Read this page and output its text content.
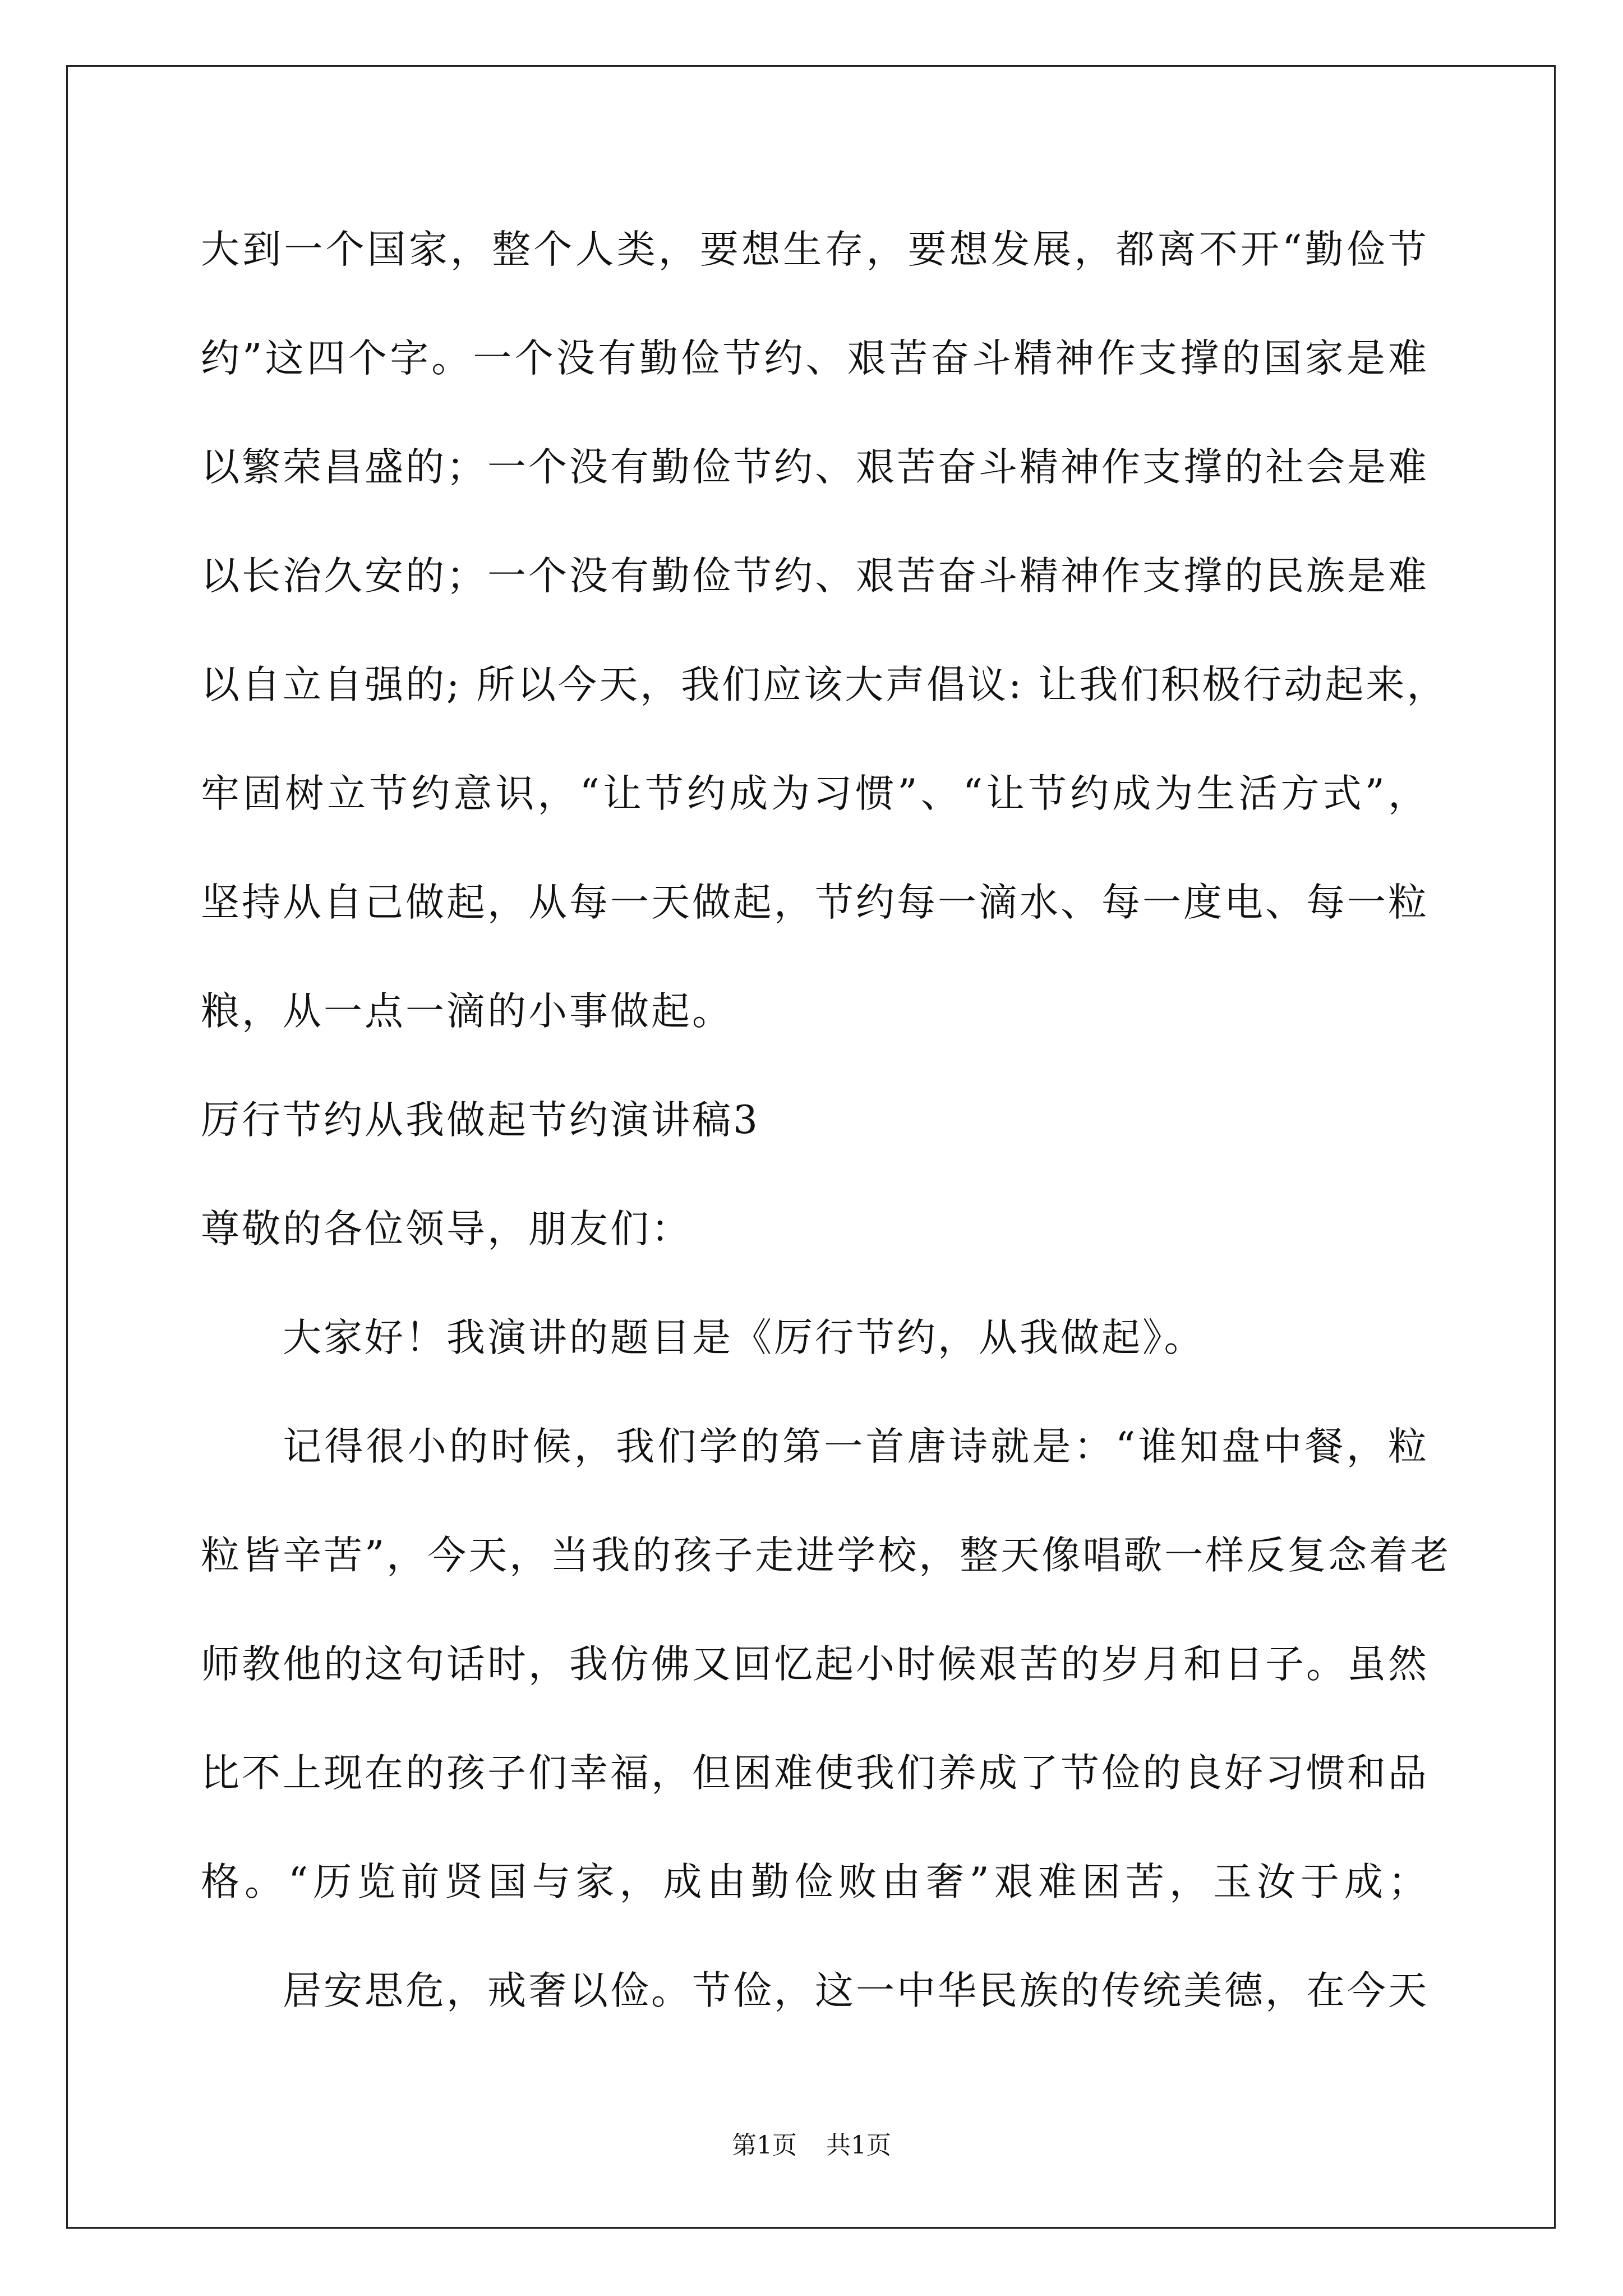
大到一个国家，整个人类，要想生存，要想发展，都离不开“勤俭节
约”这四个字。一个没有勤俭节约、艰苦奋斗精神作支撑的国家是难
以繁荣昌盛的；一个没有勤俭节约、艰苦奋斗精神作支撑的社会是难
以长治久安的；一个没有勤俭节约、艰苦奋斗精神作支撑的民族是难
以自立自强的; 所以今天，我们应该大声倡议: 让我们积极行动起来，
牢固树立节约意识，“让节约成为习惯”、“让节约成为生活方式”，
坚持从自己做起，从每一天做起，节约每一滴水、每一度电、每一粒
粮，从一点一滴的小事做起。
厉行节约从我做起节约演讲稿3
尊敬的各位领导，朋友们：
大家好！我演讲的题目是《厉行节约，从我做起》。
记得很小的时候，我们学的第一首唐诗就是：“谁知盘中餐，粒
粒皆辛苦”，今天，当我的孩子走进学校，整天像唱歌一样反复念着老
师教他的这句话时，我仿佛又回忆起小时候艰苦的岁月和日子。虽然
比不上现在的孩子们幸福，但困难使我们养成了节俭的良好习惯和品
格。“历览前贤国与家，成由勤俭败由奢”艰难困苦，玉汝于成；
居安思危，戒奢以俭。节俭，这一中华民族的传统美德，在今天
第1页 共1页
